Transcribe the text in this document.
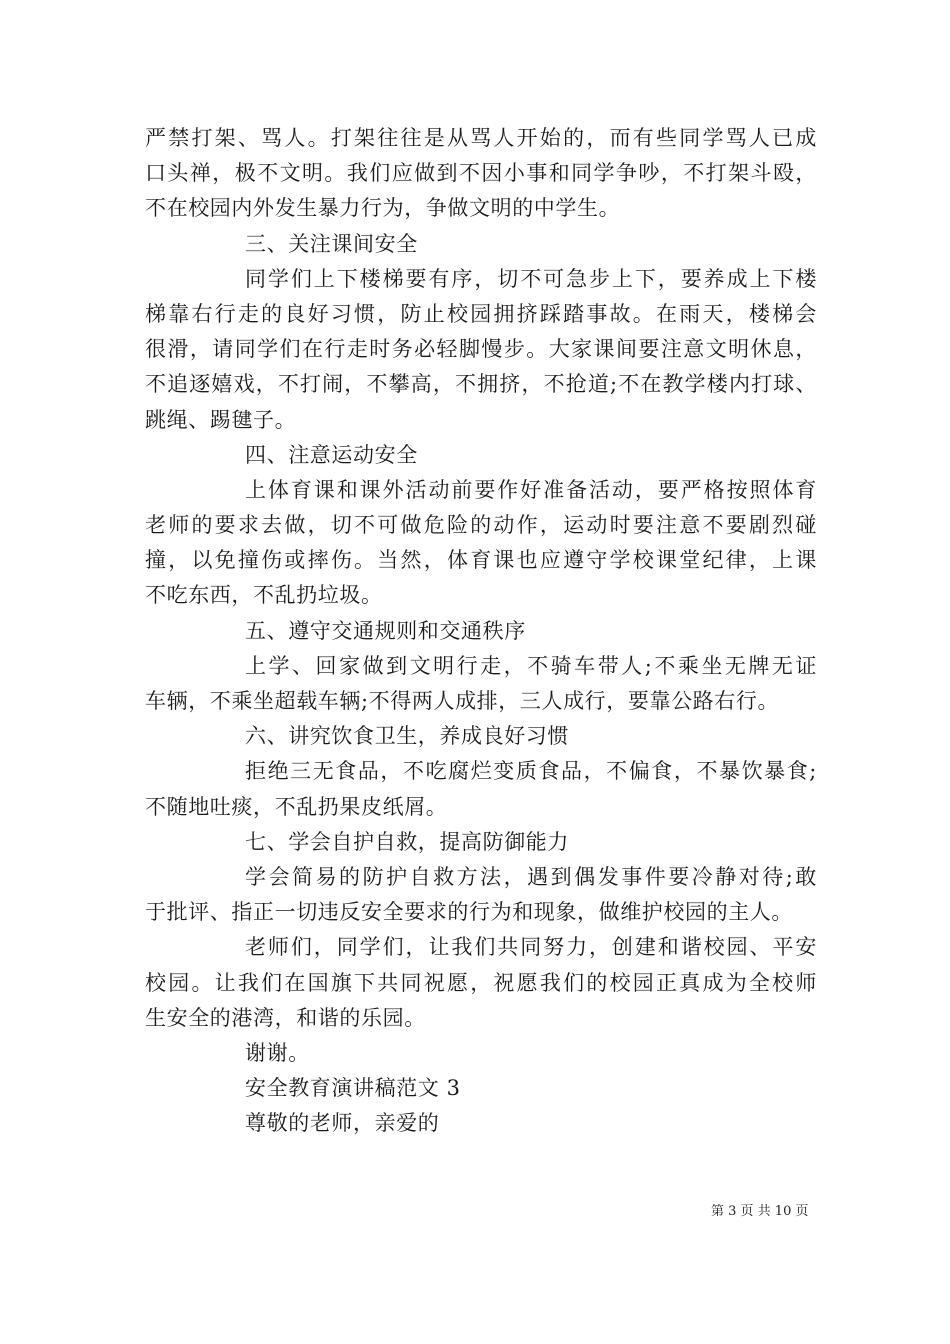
严禁打架、骂人。打架往往是从骂人开始的，而有些同学骂人已成
口头禅，极不文明。我们应做到不因小事和同学争吵，不打架斗殴，
不在校园内外发生暴力行为，争做文明的中学生。
三、关注课间安全
同学们上下楼梯要有序，切不可急步上下，要养成上下楼
梯靠右行走的良好习惯，防止校园拥挤踩踏事故。在雨天，楼梯会
很滑，请同学们在行走时务必轻脚慢步。大家课间要注意文明休息，
不追逐嬉戏，不打闹，不攀高，不拥挤，不抢道;不在教学楼内打球、
跳绳、踢毽子。
四、注意运动安全
上体育课和课外活动前要作好准备活动，要严格按照体育
老师的要求去做，切不可做危险的动作，运动时要注意不要剧烈碰
撞，以免撞伤或摔伤。当然，体育课也应遵守学校课堂纪律，上课
不吃东西，不乱扔垃圾。
五、遵守交通规则和交通秩序
上学、回家做到文明行走，不骑车带人;不乘坐无牌无证
车辆，不乘坐超载车辆;不得两人成排，三人成行，要靠公路右行。
六、讲究饮食卫生，养成良好习惯
拒绝三无食品，不吃腐烂变质食品，不偏食，不暴饮暴食;
不随地吐痰，不乱扔果皮纸屑。
七、学会自护自救，提高防御能力
学会简易的防护自救方法，遇到偶发事件要冷静对待;敢
于批评、指正一切违反安全要求的行为和现象，做维护校园的主人。
老师们，同学们，让我们共同努力，创建和谐校园、平安
校园。让我们在国旗下共同祝愿，祝愿我们的校园正真成为全校师
生安全的港湾，和谐的乐园。
谢谢。
安全教育演讲稿范文 3
尊敬的老师，亲爱的
第 3 页 共 10 页
